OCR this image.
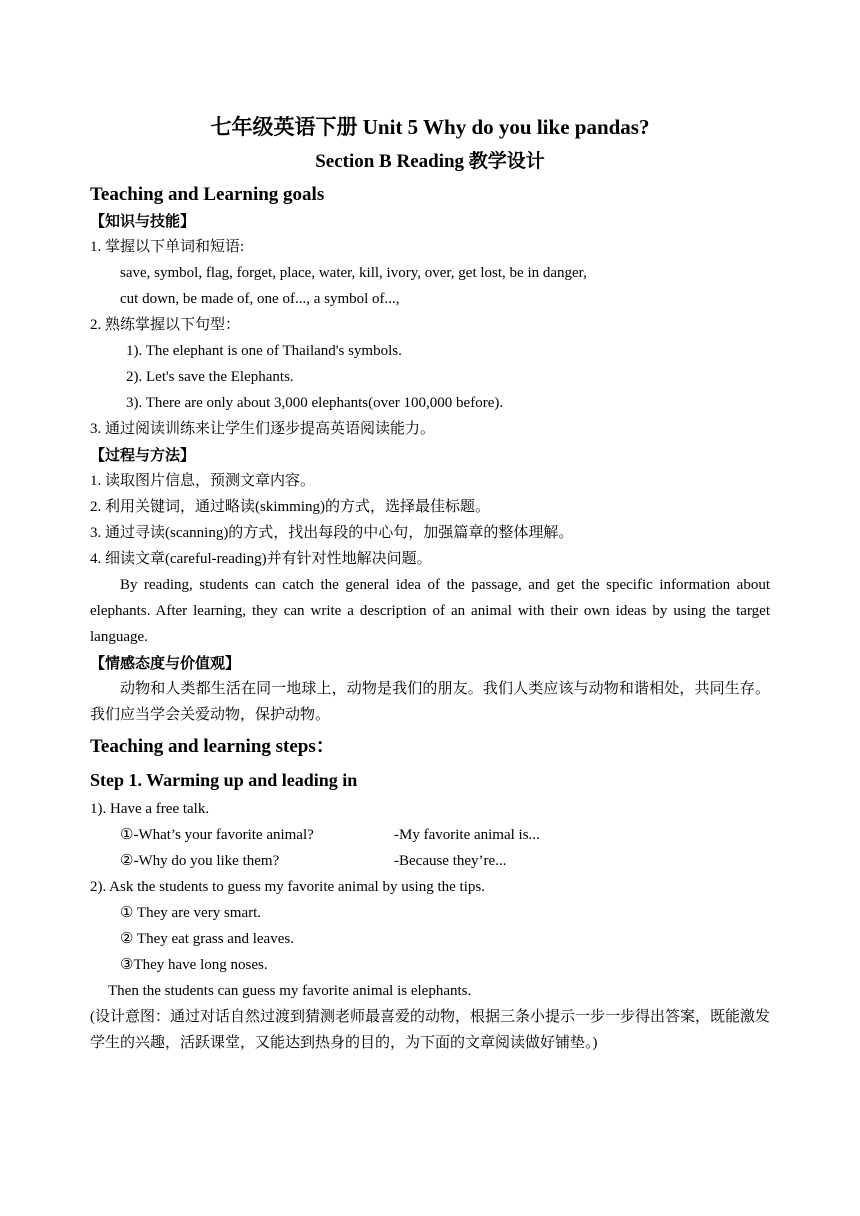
七年级英语下册 Unit 5 Why do you like pandas?
Section B Reading 教学设计
Teaching and Learning goals
【知识与技能】
1. 掌握以下单词和短语:
save, symbol, flag, forget, place, water, kill, ivory, over, get lost, be in danger,
cut down, be made of, one of..., a symbol of...,
2. 熟练掌握以下句型：
1). The elephant is one of Thailand's symbols.
2). Let's save the Elephants.
3). There are only about 3,000 elephants(over 100,000 before).
3. 通过阅读训练来让学生们逐步提高英语阅读能力。
【过程与方法】
1. 读取图片信息，预测文章内容。
2. 利用关键词，通过略读(skimming)的方式，选择最佳标题。
3. 通过寻读(scanning)的方式，找出每段的中心句，加强篇章的整体理解。
4. 细读文章(careful-reading)并有针对性地解决问题。
By reading, students can catch the general idea of the passage, and get the specific information about elephants. After learning, they can write a description of an animal with their own ideas by using the target language.
【情感态度与价值观】
动物和人类都生活在同一地球上，动物是我们的朋友。我们人类应该与动物和谐相处，共同生存。我们应当学会关爱动物，保护动物。
Teaching and learning steps：
Step 1. Warming up and leading in
1). Have a free talk.
①-What’s your favorite animal?	-My favorite animal is...
②-Why do you like them?	-Because they’re...
2). Ask the students to guess my favorite animal by using the tips.
① They are very smart.
② They eat grass and leaves.
③They have long noses.
Then the students can guess my favorite animal is elephants.
(设计意图：通过对话自然过渡到猜测老师最喜爱的动物，根据三条小提示一步一步得出答案，既能激发学生的兴趣，活跃课堂，又能达到热身的目的，为下面的文章阅读做好铺垫。)
